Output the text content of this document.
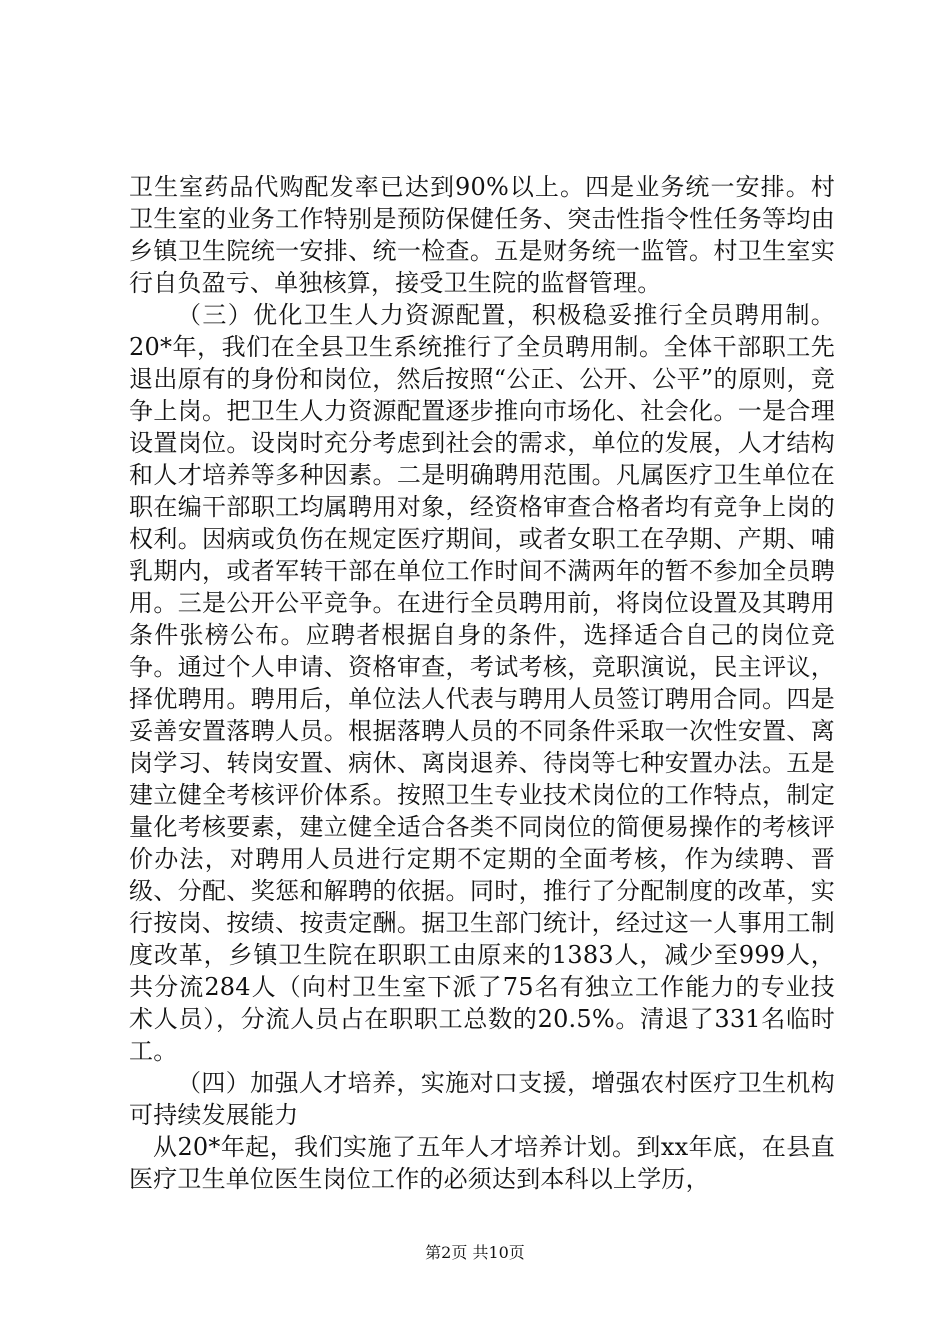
卫生室药品代购配发率已达到90%以上。四是业务统一安排。村卫生室的业务工作特别是预防保健任务、突击性指令性任务等均由乡镇卫生院统一安排、统一检查。五是财务统一监管。村卫生室实行自负盈亏、单独核算，接受卫生院的监督管理。

（三）优化卫生人力资源配置，积极稳妥推行全员聘用制。20*年，我们在全县卫生系统推行了全员聘用制。全体干部职工先退出原有的身份和岗位，然后按照“公正、公开、公平”的原则，竞争上岗。把卫生人力资源配置逐步推向市场化、社会化。一是合理设置岗位。设岗时充分考虑到社会的需求，单位的发展，人才结构和人才培养等多种因素。二是明确聘用范围。凡属医疗卫生单位在职在编干部职工均属聘用对象，经资格审查合格者均有竞争上岗的权利。因病或负伤在规定医疗期间，或者女职工在孕期、产期、哺乳期内，或者军转干部在单位工作时间不满两年的暂不参加全员聘用。三是公开公平竞争。在进行全员聘用前，将岗位设置及其聘用条件张榜公布。应聘者根据自身的条件，选择适合自己的岗位竞争。通过个人申请、资格审查，考试考核，竞职演说，民主评议，择优聘用。聘用后，单位法人代表与聘用人员签订聘用合同。四是妥善安置落聘人员。根据落聘人员的不同条件采取一次性安置、离岗学习、转岗安置、病休、离岗退养、待岗等七种安置办法。五是建立健全考核评价体系。按照卫生专业技术岗位的工作特点，制定量化考核要素，建立健全适合各类不同岗位的简便易操作的考核评价办法，对聘用人员进行定期不定期的全面考核，作为续聘、晋级、分配、奖惩和解聘的依据。同时，推行了分配制度的改革，实行按岗、按绩、按责定酬。据卫生部门统计，经过这一人事用工制度改革，乡镇卫生院在职职工由原来的1383人，减少至999人，共分流284人（向村卫生室下派了75名有独立工作能力的专业技术人员），分流人员占在职职工总数的20.5%。清退了331名临时工。

（四）加强人才培养，实施对口支援，增强农村医疗卫生机构可持续发展能力

从20*年起，我们实施了五年人才培养计划。到xx年底，在县直医疗卫生单位医生岗位工作的必须达到本科以上学历，

第2页 共10页
